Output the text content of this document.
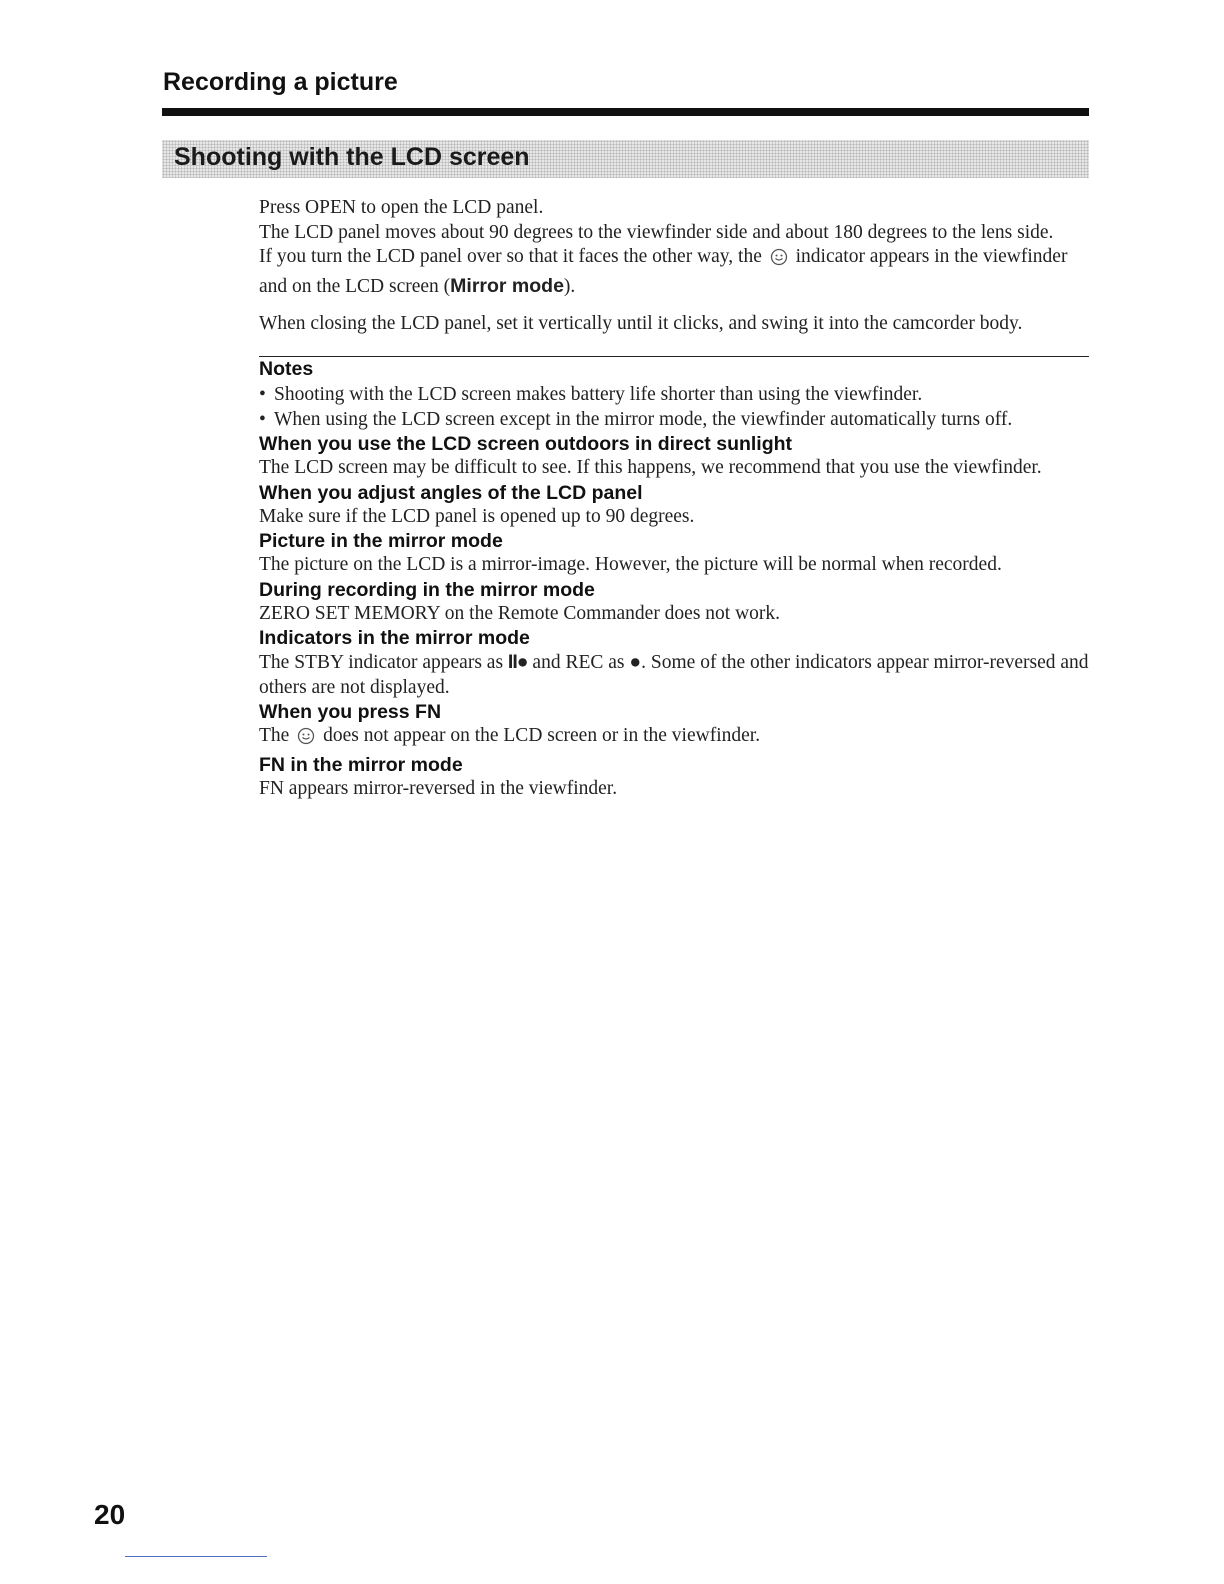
Recording a picture
Shooting with the LCD screen

Press OPEN to open the LCD panel.

The LCD panel moves about 90 degrees to the viewfinder side and about 180 degrees to the lens side.

If you turn the LCD panel over so that it faces the other way, the indicator appears in the viewfinder and on the LCD screen (Mirror mode).

When closing the LCD panel, set it vertically until it clicks, and swing it into the camcorder body.

Notes

• Shooting with the LCD screen makes battery life shorter than using the viewfinder.
• When using the LCD screen except in the mirror mode, the viewfinder automatically turns off.

When you use the LCD screen outdoors in direct sunlight

The LCD screen may be difficult to see. If this happens, we recommend that you use the viewfinder.

When you adjust angles of the LCD panel

Make sure if the LCD panel is opened up to 90 degrees.

Picture in the mirror mode

The picture on the LCD is a mirror-image. However, the picture will be normal when recorded.

During recording in the mirror mode

ZERO SET MEMORY on the Remote Commander does not work.

Indicators in the mirror mode

The STBY indicator appears as II● and REC as ●. Some of the other indicators appear mirror-reversed and others are not displayed.

When you press FN

The does not appear on the LCD screen or in the viewfinder.

FN in the mirror mode

FN appears mirror-reversed in the viewfinder.

20
